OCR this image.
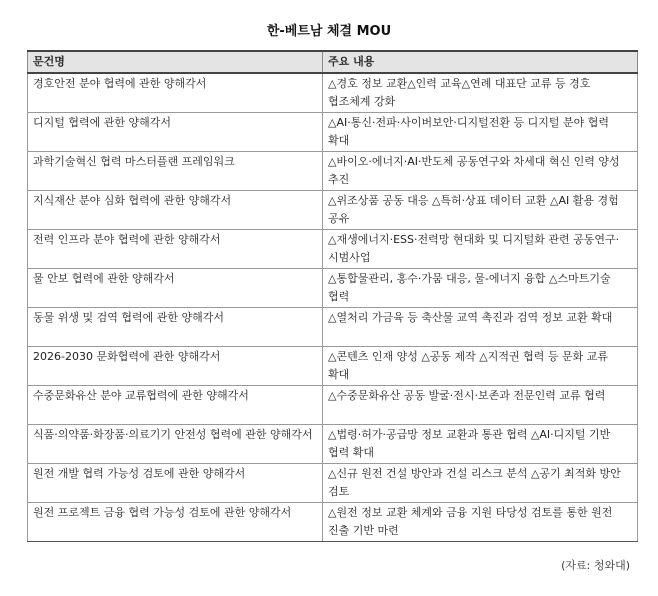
한-베트남 체결 MOU
문건명	주요 내용
경호안전 분야 협력에 관한 양해각서	△경호 정보 교환△인력 교육△연례 대표단 교류 등 경호 협조체계 강화
디지털 협력에 관한 양해각서	△AI·통신·전파·사이버보안·디지털전환 등 디지털 분야 협력 확대
과학기술혁신 협력 마스터플랜 프레임워크	△바이오·에너지·AI·반도체 공동연구와 차세대 혁신 인력 양성 추진
지식재산 분야 심화 협력에 관한 양해각서	△위조상품 공동 대응 △특허·상표 데이터 교환 △AI 활용 경험 공유
전력 인프라 분야 협력에 관한 양해각서	△재생에너지·ESS·전력망 현대화 및 디지털화 관련 공동연구·시범사업
물 안보 협력에 관한 양해각서	△통합물관리, 홍수·가뭄 대응, 물-에너지 융합 △스마트기술 협력
동물 위생 및 검역 협력에 관한 양해각서	△열처리 가금육 등 축산물 교역 촉진과 검역 정보 교환 확대
2026-2030 문화협력에 관한 양해각서	△콘텐츠 인재 양성 △공동 제작 △지적권 협력 등 문화 교류 확대
수중문화유산 분야 교류협력에 관한 양해각서	△수중문화유산 공동 발굴·전시·보존과 전문인력 교류 협력
식품·의약품·화장품·의료기기 안전성 협력에 관한 양해각서	△법령·허가·공급망 정보 교환과 통관 협력 △AI·디지털 기반 협력 확대
원전 개발 협력 가능성 검토에 관한 양해각서	△신규 원전 건설 방안과 건설 리스크 분석 △공기 최적화 방안 검토
원전 프로젝트 금융 협력 가능성 검토에 관한 양해각서	△원전 정보 교환 체계와 금융 지원 타당성 검토를 통한 원전 진출 기반 마련
(자료: 청와대)
